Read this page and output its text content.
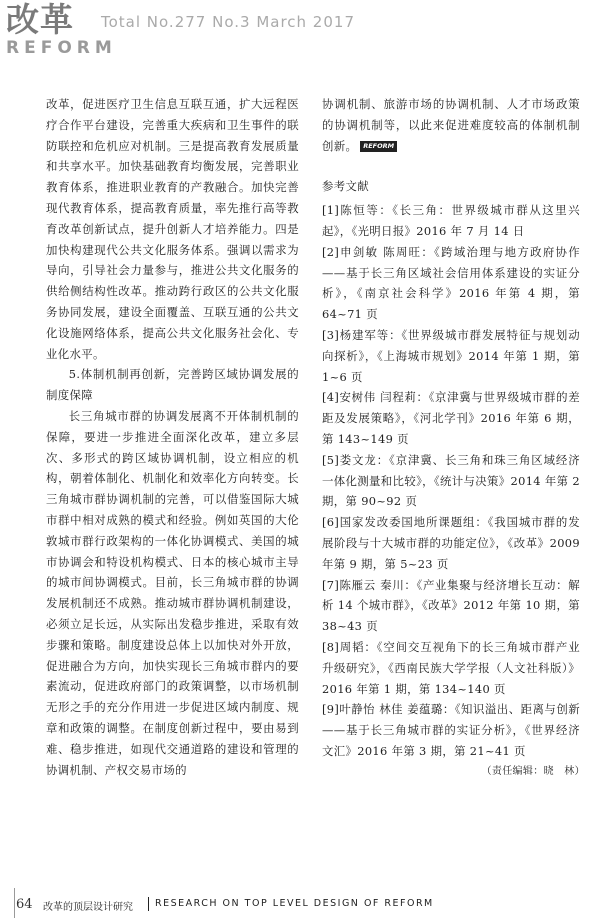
改革
REFORM
Total No.277 No.3 March 2017

改革，促进医疗卫生信息互联互通，扩大远程医疗合作平台建设，完善重大疾病和卫生事件的联防联控和危机应对机制。三是提高教育发展质量和共享水平。加快基础教育均衡发展，完善职业教育体系，推进职业教育的产教融合。加快完善现代教育体系，提高教育质量，率先推行高等教育改革创新试点，提升创新人才培养能力。四是加快构建现代公共文化服务体系。强调以需求为导向，引导社会力量参与，推进公共文化服务的供给侧结构性改革。推动跨行政区的公共文化服务协同发展，建设全面覆盖、互联互通的公共文化设施网络体系，提高公共文化服务社会化、专业化水平。

5.体制机制再创新，完善跨区域协调发展的制度保障

长三角城市群的协调发展离不开体制机制的保障，要进一步推进全面深化改革，建立多层次、多形式的跨区域协调机制，设立相应的机构，朝着体制化、机制化和效率化方向转变。长三角城市群协调机制的完善，可以借鉴国际大城市群中相对成熟的模式和经验。例如英国的大伦敦城市群行政架构的一体化协调模式、美国的城市协调会和特设机构模式、日本的核心城市主导的城市间协调模式。目前，长三角城市群的协调发展机制还不成熟。推动城市群协调机制建设，必须立足长远，从实际出发稳步推进，采取有效步骤和策略。制度建设总体上以加快对外开放，促进融合为方向，加快实现长三角城市群内的要素流动，促进政府部门的政策调整，以市场机制无形之手的充分作用进一步促进区域内制度、规章和政策的调整。在制度创新过程中，要由易到难、稳步推进，如现代交通道路的建设和管理的协调机制、产权交易市场的

协调机制、旅游市场的协调机制、人才市场政策的协调机制等，以此来促进难度较高的体制机制创新。 REFORM

参考文献

[1]陈恒等：《长三角：世界级城市群从这里兴起》，《光明日报》2016 年 7 月 14 日
[2]申剑敏 陈周旺：《跨域治理与地方政府协作——基于长三角区域社会信用体系建设的实证分析》，《南京社会科学》2016 年第 4 期，第 64~71 页
[3]杨建军等：《世界级城市群发展特征与规划动向探析》，《上海城市规划》2014 年第 1 期，第 1~6 页
[4]安树伟 闫程莉：《京津冀与世界级城市群的差距及发展策略》，《河北学刊》2016 年第 6 期，第 143~149 页
[5]娄文龙：《京津冀、长三角和珠三角区域经济一体化测量和比较》，《统计与决策》2014 年第 2 期，第 90~92 页
[6]国家发改委国地所课题组：《我国城市群的发展阶段与十大城市群的功能定位》，《改革》2009 年第 9 期，第 5~23 页
[7]陈雁云 秦川：《产业集聚与经济增长互动：解析 14 个城市群》，《改革》2012 年第 10 期，第 38~43 页
[8]周韬：《空间交互视角下的长三角城市群产业升级研究》，《西南民族大学学报（人文社科版）》2016 年第 1 期，第 134~140 页
[9]叶静怡 林佳 姜蕴璐：《知识溢出、距离与创新——基于长三角城市群的实证分析》，《世界经济文汇》2016 年第 3 期，第 21~41 页

（责任编辑：晓　林）

64 改革的顶层设计研究 RESEARCH ON TOP LEVEL DESIGN OF REFORM
